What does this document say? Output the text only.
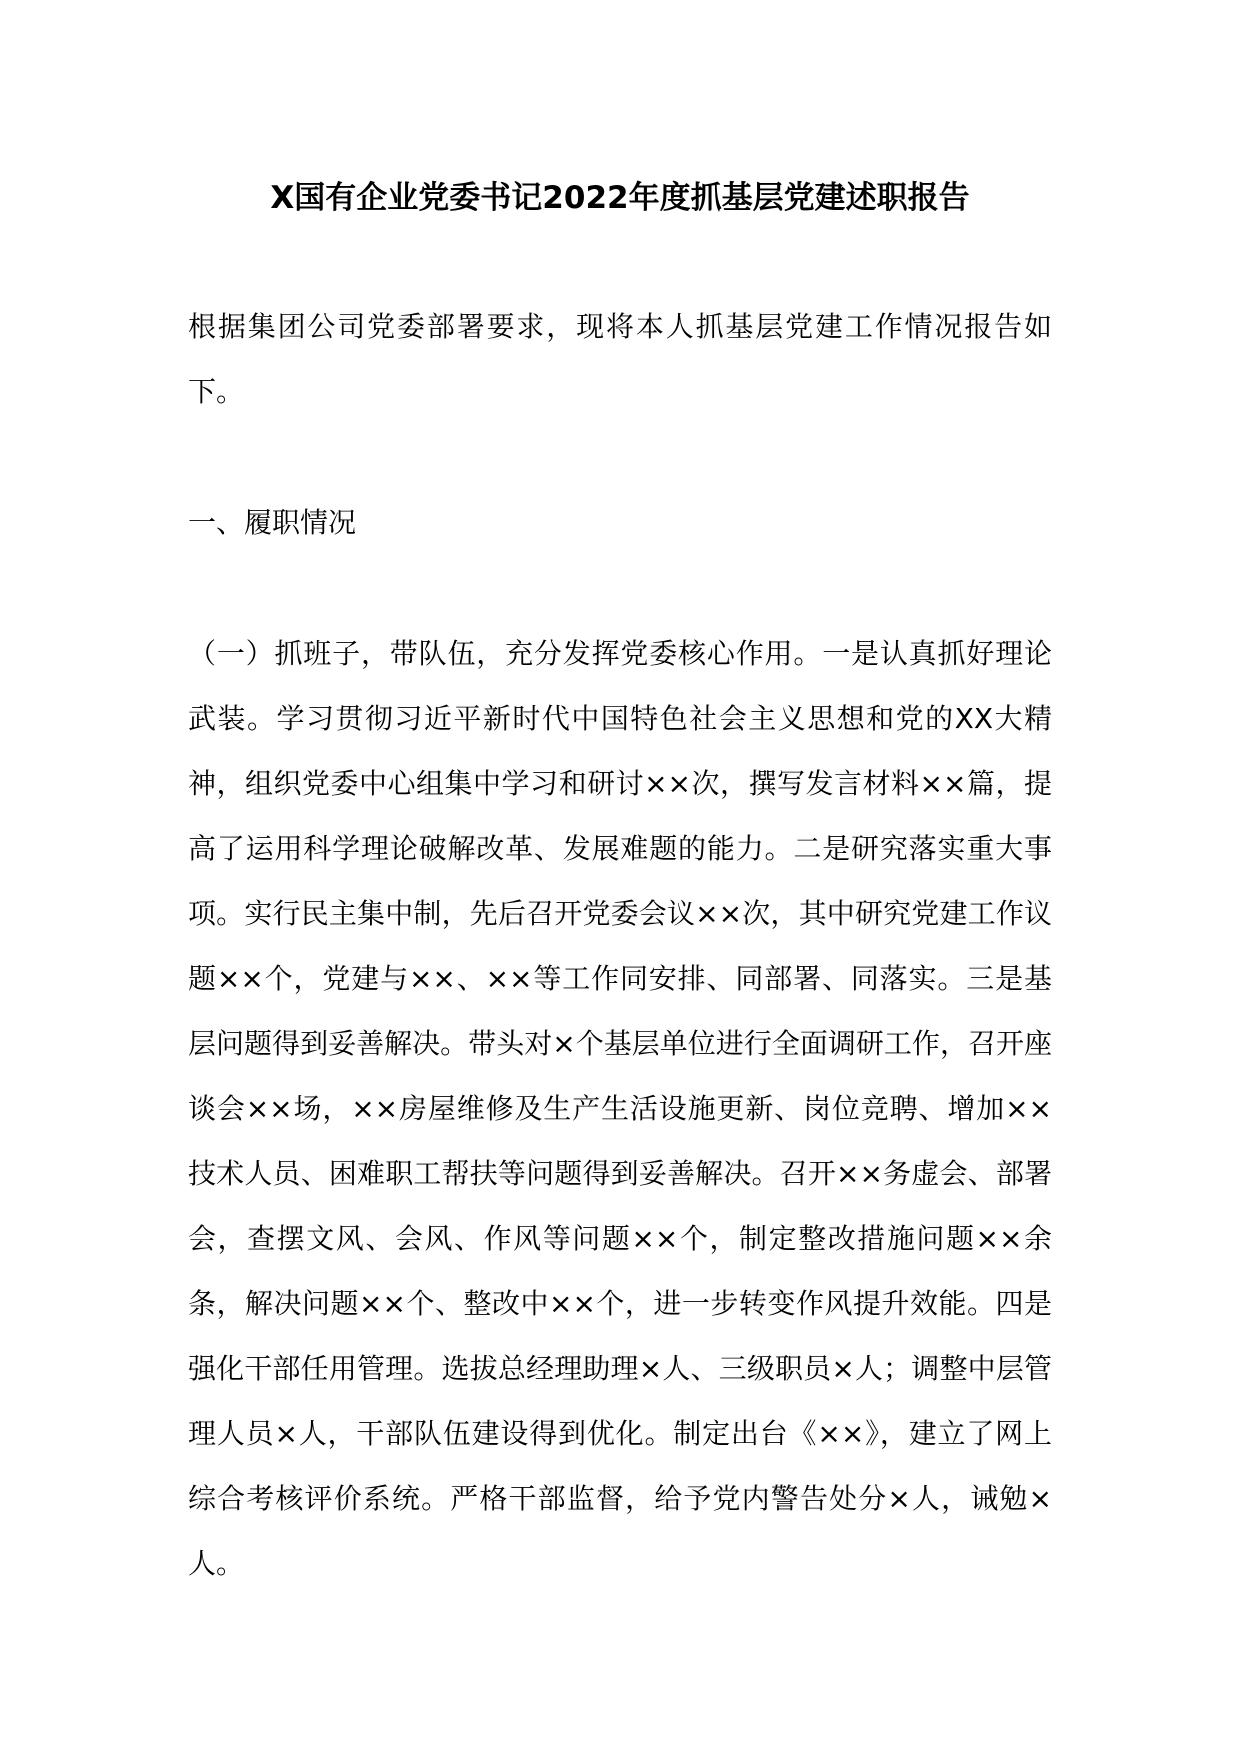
X国有企业党委书记2022年度抓基层党建述职报告

根据集团公司党委部署要求，现将本人抓基层党建工作情况报告如下。

一、履职情况

（一）抓班子，带队伍，充分发挥党委核心作用。一是认真抓好理论武装。学习贯彻习近平新时代中国特色社会主义思想和党的XX大精神，组织党委中心组集中学习和研讨××次，撰写发言材料××篇，提高了运用科学理论破解改革、发展难题的能力。二是研究落实重大事项。实行民主集中制，先后召开党委会议××次，其中研究党建工作议题××个，党建与××、××等工作同安排、同部署、同落实。三是基层问题得到妥善解决。带头对×个基层单位进行全面调研工作，召开座谈会××场，××房屋维修及生产生活设施更新、岗位竞聘、增加××技术人员、困难职工帮扶等问题得到妥善解决。召开××务虚会、部署会，查摆文风、会风、作风等问题××个，制定整改措施问题××余条，解决问题××个、整改中××个，进一步转变作风提升效能。四是强化干部任用管理。选拔总经理助理×人、三级职员×人；调整中层管理人员×人，干部队伍建设得到优化。制定出台《××》，建立了网上综合考核评价系统。严格干部监督，给予党内警告处分×人，诫勉×人。
